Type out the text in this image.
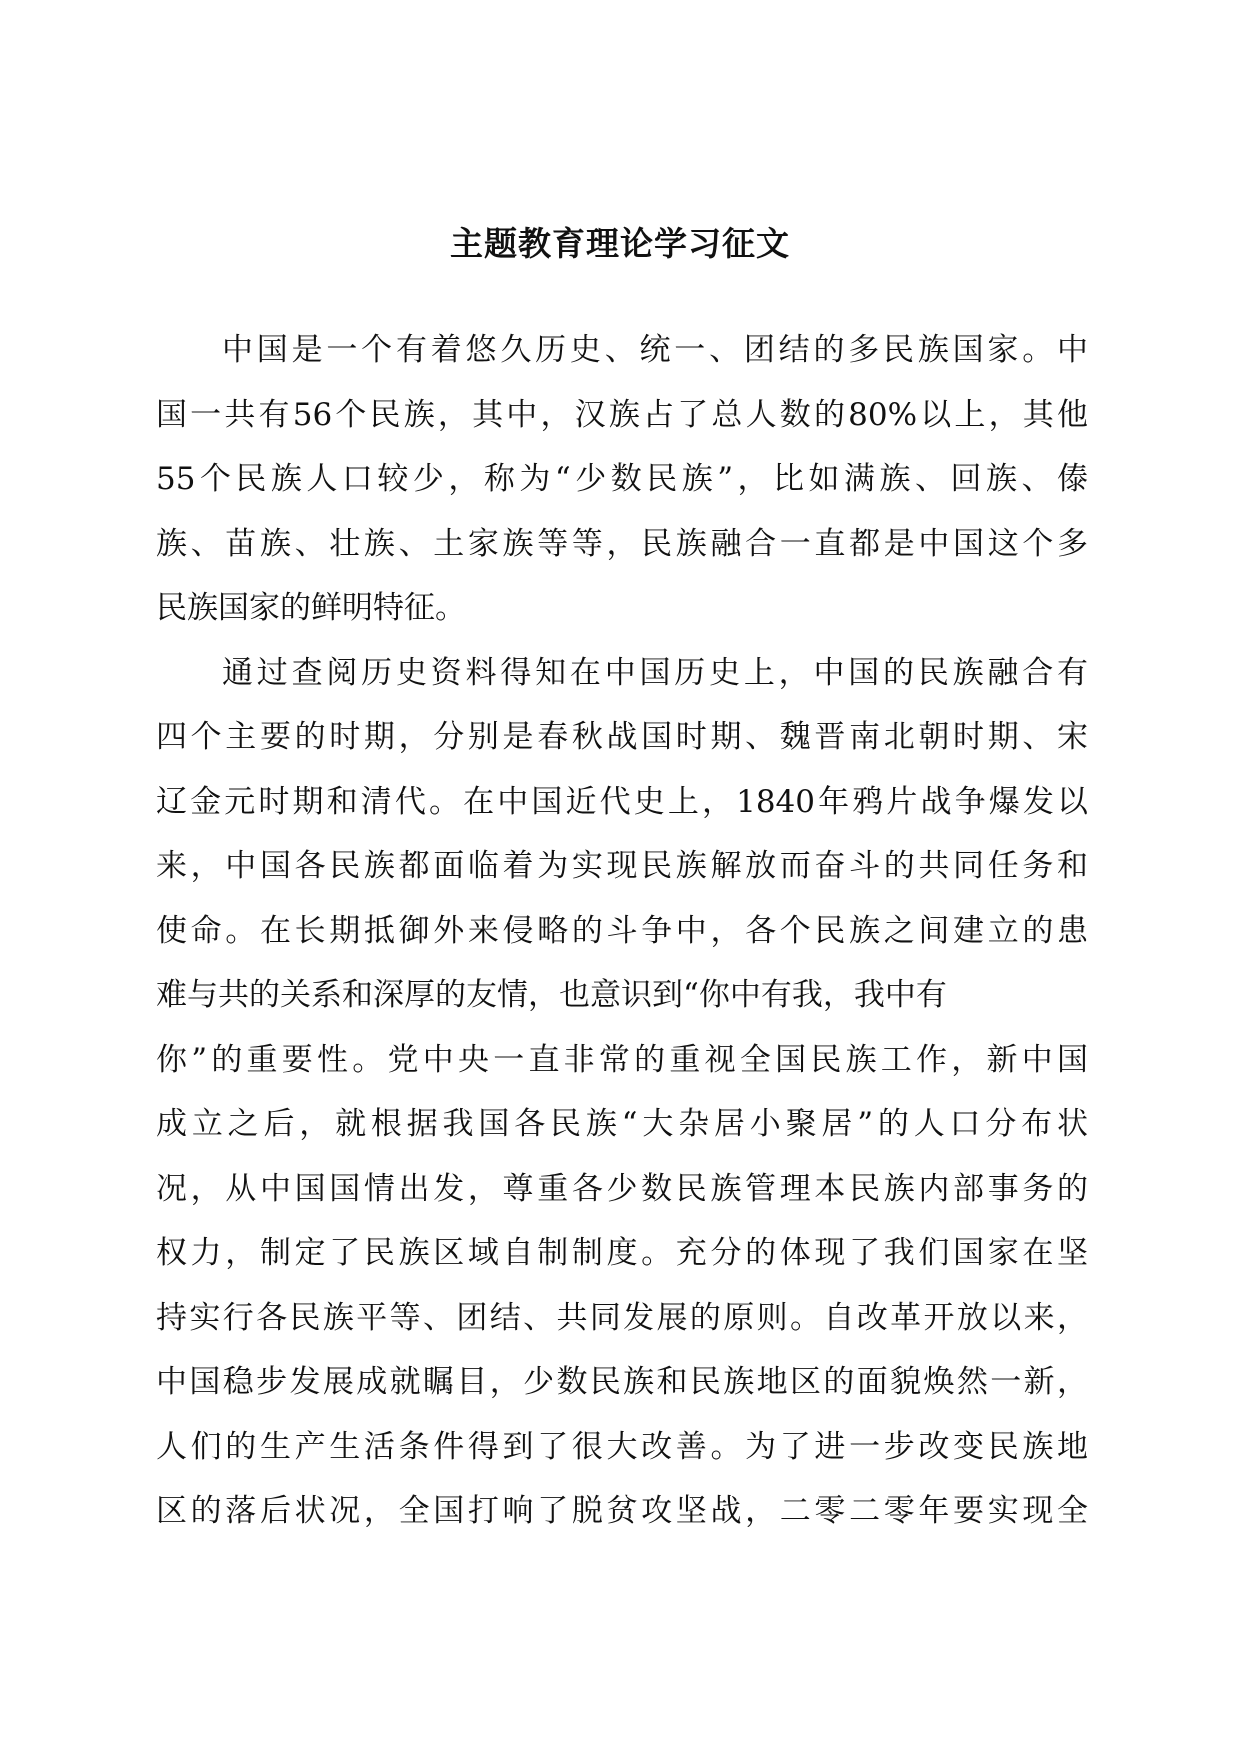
主题教育理论学习征文
中国是一个有着悠久历史、统一、团结的多民族国家。中
国一共有56个民族，其中，汉族占了总人数的80%以上，其他
55个民族人口较少，称为“少数民族”，比如满族、回族、傣
族、苗族、壮族、土家族等等，民族融合一直都是中国这个多
民族国家的鲜明特征。
通过查阅历史资料得知在中国历史上，中国的民族融合有
四个主要的时期，分别是春秋战国时期、魏晋南北朝时期、宋
辽金元时期和清代。在中国近代史上，1840年鸦片战争爆发以
来，中国各民族都面临着为实现民族解放而奋斗的共同任务和
使命。在长期抵御外来侵略的斗争中，各个民族之间建立的患
难与共的关系和深厚的友情，也意识到“你中有我，我中有
你”的重要性。党中央一直非常的重视全国民族工作，新中国
成立之后，就根据我国各民族“大杂居小聚居”的人口分布状
况，从中国国情出发，尊重各少数民族管理本民族内部事务的
权力，制定了民族区域自制制度。充分的体现了我们国家在坚
持实行各民族平等、团结、共同发展的原则。自改革开放以来，
中国稳步发展成就瞩目，少数民族和民族地区的面貌焕然一新，
人们的生产生活条件得到了很大改善。为了进一步改变民族地
区的落后状况，全国打响了脱贫攻坚战，二零二零年要实现全
